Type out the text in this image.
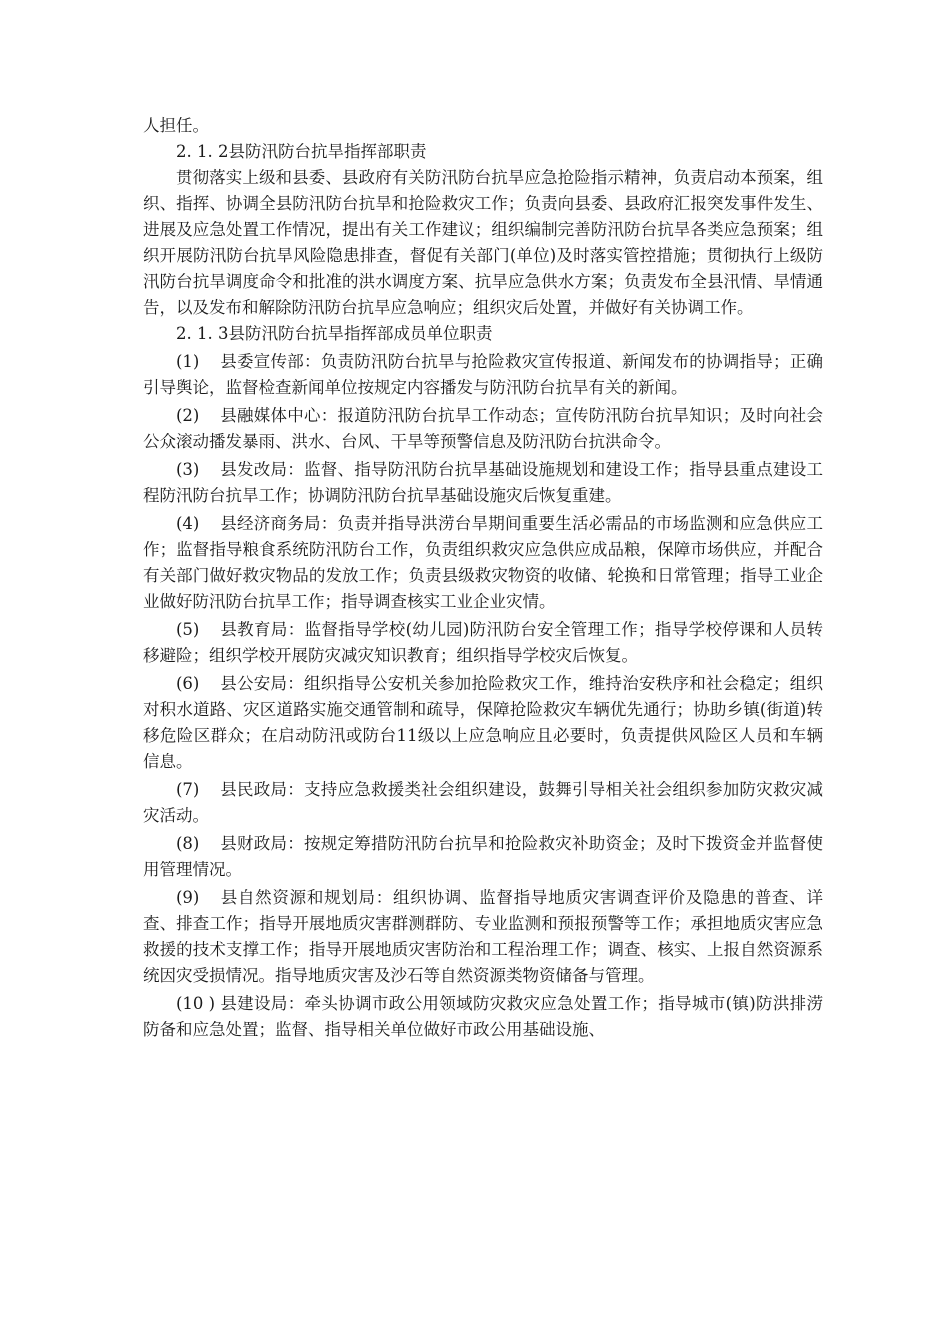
人担任。

2. 1. 2县防汛防台抗旱指挥部职责

贯彻落实上级和县委、县政府有关防汛防台抗旱应急抢险指示精神，负责启动本预案，组织、指挥、协调全县防汛防台抗旱和抢险救灾工作；负责向县委、县政府汇报突发事件发生、进展及应急处置工作情况，提出有关工作建议；组织编制完善防汛防台抗旱各类应急预案；组织开展防汛防台抗旱风险隐患排查，督促有关部门(单位)及时落实管控措施；贯彻执行上级防汛防台抗旱调度命令和批准的洪水调度方案、抗旱应急供水方案；负责发布全县汛情、旱情通告，以及发布和解除防汛防台抗旱应急响应；组织灾后处置，并做好有关协调工作。

2. 1. 3县防汛防台抗旱指挥部成员单位职责

(1) 县委宣传部：负责防汛防台抗旱与抢险救灾宣传报道、新闻发布的协调指导；正确引导舆论，监督检查新闻单位按规定内容播发与防汛防台抗旱有关的新闻。

(2) 县融媒体中心：报道防汛防台抗旱工作动态；宣传防汛防台抗旱知识；及时向社会公众滚动播发暴雨、洪水、台风、干旱等预警信息及防汛防台抗洪命令。

(3) 县发改局：监督、指导防汛防台抗旱基础设施规划和建设工作；指导县重点建设工程防汛防台抗旱工作；协调防汛防台抗旱基础设施灾后恢复重建。

(4) 县经济商务局：负责并指导洪涝台旱期间重要生活必需品的市场监测和应急供应工作；监督指导粮食系统防汛防台工作，负责组织救灾应急供应成品粮，保障市场供应，并配合有关部门做好救灾物品的发放工作；负责县级救灾物资的收储、轮换和日常管理；指导工业企业做好防汛防台抗旱工作；指导调查核实工业企业灾情。

(5) 县教育局：监督指导学校(幼儿园)防汛防台安全管理工作；指导学校停课和人员转移避险；组织学校开展防灾减灾知识教育；组织指导学校灾后恢复。

(6) 县公安局：组织指导公安机关参加抢险救灾工作，维持治安秩序和社会稳定；组织对积水道路、灾区道路实施交通管制和疏导，保障抢险救灾车辆优先通行；协助乡镇(街道)转移危险区群众；在启动防汛或防台11级以上应急响应且必要时，负责提供风险区人员和车辆信息。

(7) 县民政局：支持应急救援类社会组织建设，鼓舞引导相关社会组织参加防灾救灾减灾活动。

(8) 县财政局：按规定筹措防汛防台抗旱和抢险救灾补助资金；及时下拨资金并监督使用管理情况。

(9) 县自然资源和规划局：组织协调、监督指导地质灾害调查评价及隐患的普查、详查、排查工作；指导开展地质灾害群测群防、专业监测和预报预警等工作；承担地质灾害应急救援的技术支撑工作；指导开展地质灾害防治和工程治理工作；调查、核实、上报自然资源系统因灾受损情况。指导地质灾害及沙石等自然资源类物资储备与管理。

(10 ) 县建设局：牵头协调市政公用领域防灾救灾应急处置工作；指导城市(镇)防洪排涝防备和应急处置；监督、指导相关单位做好市政公用基础设施、
